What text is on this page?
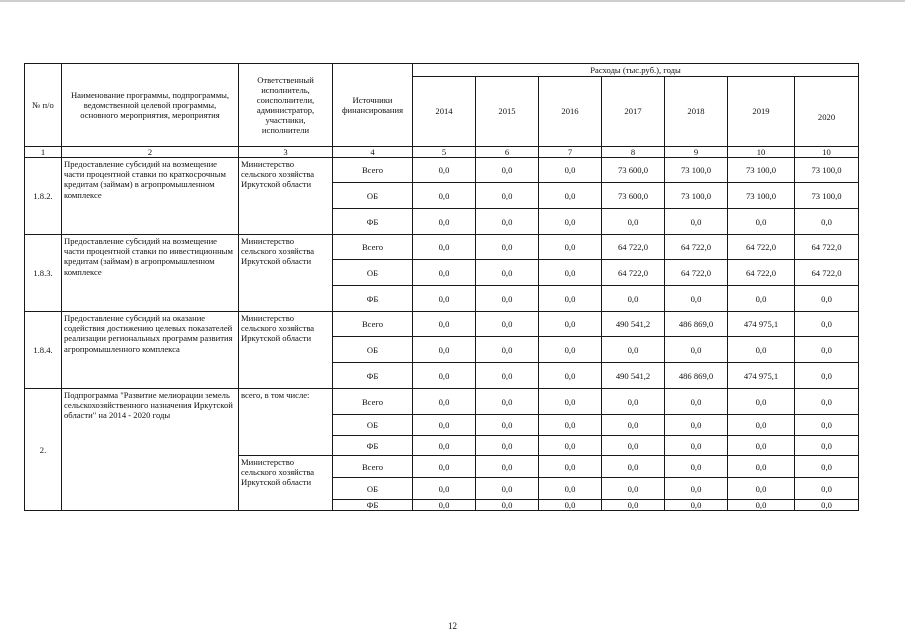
№ п/о	Наименование программы, подпрограммы, ведомственной целевой программы, основного мероприятия, мероприятия	Ответственный исполнитель, соисполнители, администратор, участники, исполнители	Источники финансирования	Расходы (тыс.руб.), годы						
				2014	2015	2016	2017	2018	2019	2020
1	2	3	4	5	6	7	8	9	10	10
1.8.2.	Предоставление субсидий на возмещение части процентной ставки по краткосрочным кредитам (займам) в агропромышленном комплексе	Министерство сельского хозяйства Иркутской области	Всего	0,0	0,0	0,0	73 600,0	73 100,0	73 100,0	73 100,0
			ОБ	0,0	0,0	0,0	73 600,0	73 100,0	73 100,0	73 100,0
			ФБ	0,0	0,0	0,0	0,0	0,0	0,0	0,0
1.8.3.	Предоставление субсидий на возмещение части процентной ставки по инвестиционным кредитам (займам) в агропромышленном комплексе	Министерство сельского хозяйства Иркутской области	Всего	0,0	0,0	0,0	64 722,0	64 722,0	64 722,0	64 722,0
			ОБ	0,0	0,0	0,0	64 722,0	64 722,0	64 722,0	64 722,0
			ФБ	0,0	0,0	0,0	0,0	0,0	0,0	0,0
1.8.4.	Предоставление субсидий на оказание содействия достижению целевых показателей реализации региональных программ развития агропромышленного комплекса	Министерство сельского хозяйства Иркутской области	Всего	0,0	0,0	0,0	490 541,2	486 869,0	474 975,1	0,0
			ОБ	0,0	0,0	0,0	0,0	0,0	0,0	0,0
			ФБ	0,0	0,0	0,0	490 541,2	486 869,0	474 975,1	0,0
2.	Подпрограмма "Развитие мелиорации земель сельскохозяйственного назначения Иркутской области" на 2014 - 2020 годы	всего, в том числе:	Всего	0,0	0,0	0,0	0,0	0,0	0,0	0,0
			ОБ	0,0	0,0	0,0	0,0	0,0	0,0	0,0
			ФБ	0,0	0,0	0,0	0,0	0,0	0,0	0,0
		Министерство сельского хозяйства Иркутской области	Всего	0,0	0,0	0,0	0,0	0,0	0,0	0,0
			ОБ	0,0	0,0	0,0	0,0	0,0	0,0	0,0
			ФБ	0,0	0,0	0,0	0,0	0,0	0,0	0,0
12
